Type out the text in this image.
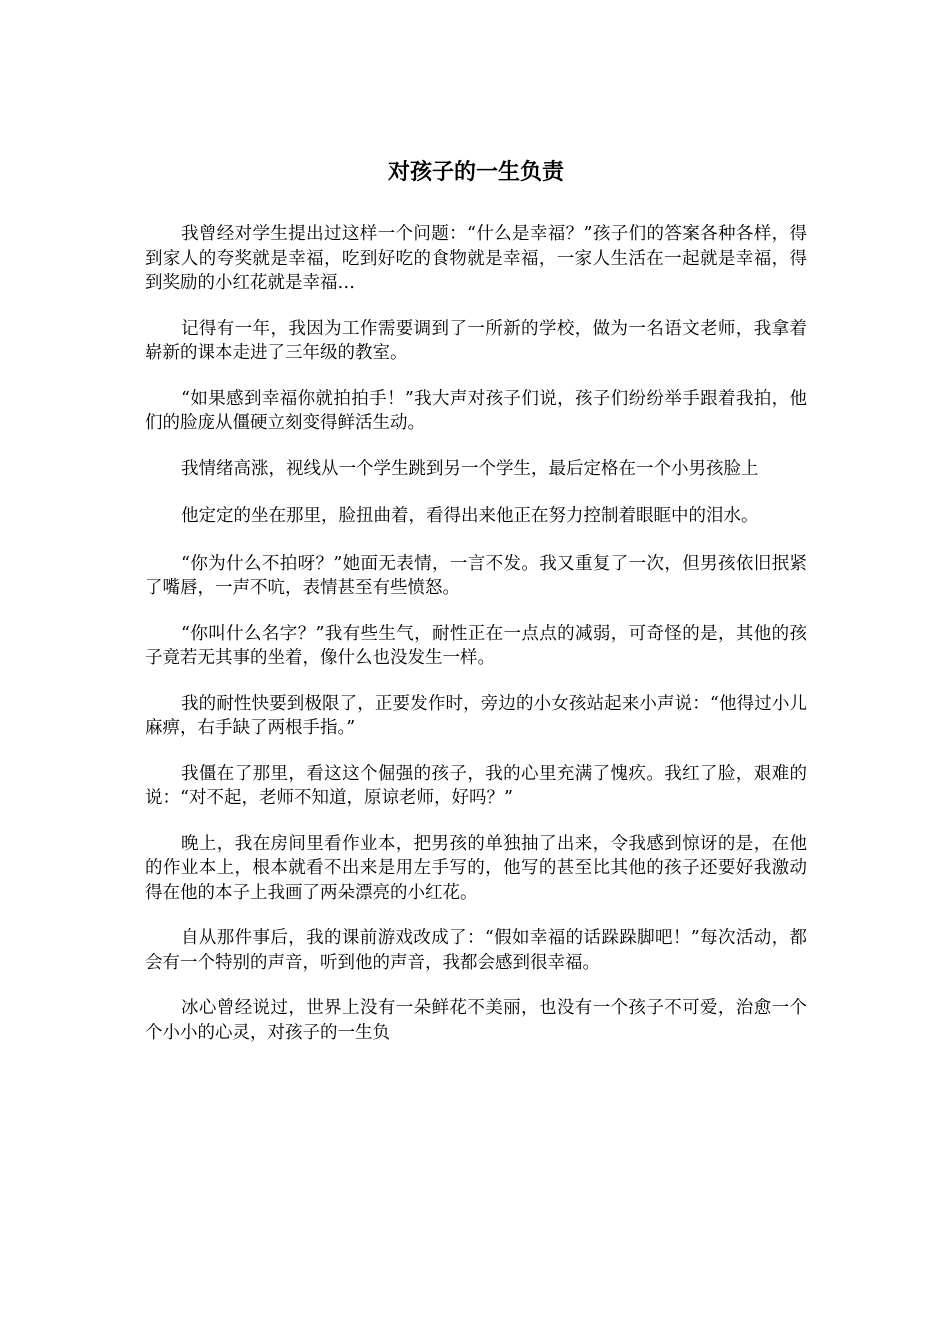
对孩子的一生负责

我曾经对学生提出过这样一个问题：“什么是幸福？”孩子们的答案各种各样，得到家人的夸奖就是幸福，吃到好吃的食物就是幸福，一家人生活在一起就是幸福，得到奖励的小红花就是幸福…

记得有一年，我因为工作需要调到了一所新的学校，做为一名语文老师，我拿着崭新的课本走进了三年级的教室。

“如果感到幸福你就拍拍手！”我大声对孩子们说，孩子们纷纷举手跟着我拍，他们的脸庞从僵硬立刻变得鲜活生动。

我情绪高涨，视线从一个学生跳到另一个学生，最后定格在一个小男孩脸上

他定定的坐在那里，脸扭曲着，看得出来他正在努力控制着眼眶中的泪水。

“你为什么不拍呀？”她面无表情，一言不发。我又重复了一次，但男孩依旧抿紧了嘴唇，一声不吭，表情甚至有些愤怒。

“你叫什么名字？”我有些生气，耐性正在一点点的减弱，可奇怪的是，其他的孩子竟若无其事的坐着，像什么也没发生一样。

我的耐性快要到极限了，正要发作时，旁边的小女孩站起来小声说：“他得过小儿麻痹，右手缺了两根手指。”

我僵在了那里，看这这个倔强的孩子，我的心里充满了愧疚。我红了脸，艰难的说：“对不起，老师不知道，原谅老师，好吗？”

晚上，我在房间里看作业本，把男孩的单独抽了出来，令我感到惊讶的是，在他的作业本上，根本就看不出来是用左手写的，他写的甚至比其他的孩子还要好我激动得在他的本子上我画了两朵漂亮的小红花。

自从那件事后，我的课前游戏改成了：“假如幸福的话跺跺脚吧！”每次活动，都会有一个特别的声音，听到他的声音，我都会感到很幸福。

冰心曾经说过，世界上没有一朵鲜花不美丽，也没有一个孩子不可爱，治愈一个个小小的心灵，对孩子的一生负
